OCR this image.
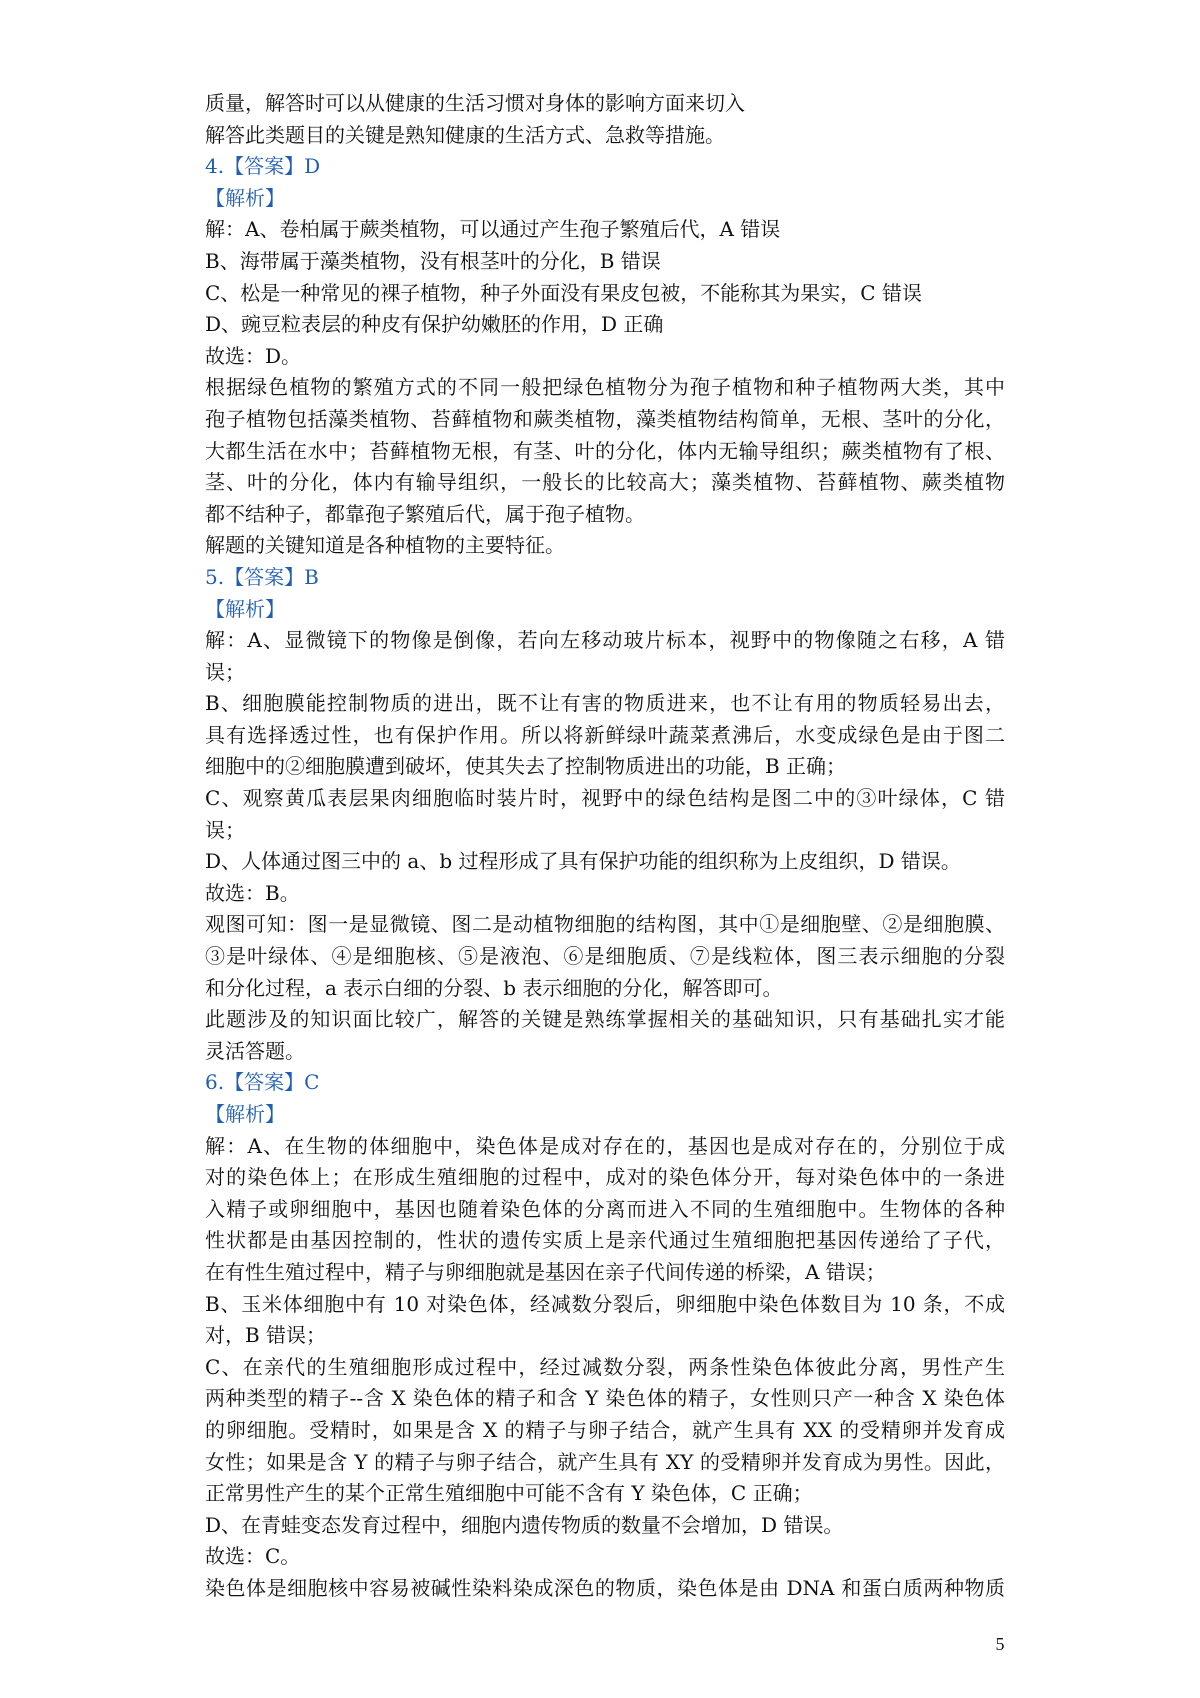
质量，解答时可以从健康的生活习惯对身体的影响方面来切入
解答此类题目的关键是熟知健康的生活方式、急救等措施。
4.【答案】D
【解析】
解：A、卷柏属于蕨类植物，可以通过产生孢子繁殖后代，A 错误
B、海带属于藻类植物，没有根茎叶的分化，B 错误
C、松是一种常见的裸子植物，种子外面没有果皮包被，不能称其为果实，C 错误
D、豌豆粒表层的种皮有保护幼嫩胚的作用，D 正确
故选：D。
根据绿色植物的繁殖方式的不同一般把绿色植物分为孢子植物和种子植物两大类，其中
孢子植物包括藻类植物、苔藓植物和蕨类植物，藻类植物结构简单，无根、茎叶的分化，
大都生活在水中；苔藓植物无根，有茎、叶的分化，体内无输导组织；蕨类植物有了根、
茎、叶的分化，体内有输导组织，一般长的比较高大；藻类植物、苔藓植物、蕨类植物
都不结种子，都靠孢子繁殖后代，属于孢子植物。
解题的关键知道是各种植物的主要特征。
5.【答案】B
【解析】
解：A、显微镜下的物像是倒像，若向左移动玻片标本，视野中的物像随之右移，A 错
误；
B、细胞膜能控制物质的进出，既不让有害的物质进来，也不让有用的物质轻易出去，
具有选择透过性，也有保护作用。所以将新鲜绿叶蔬菜煮沸后，水变成绿色是由于图二
细胞中的②细胞膜遭到破坏，使其失去了控制物质进出的功能，B 正确；
C、观察黄瓜表层果肉细胞临时装片时，视野中的绿色结构是图二中的③叶绿体，C 错
误；
D、人体通过图三中的 a、b 过程形成了具有保护功能的组织称为上皮组织，D 错误。
故选：B。
观图可知：图一是显微镜、图二是动植物细胞的结构图，其中①是细胞壁、②是细胞膜、
③是叶绿体、④是细胞核、⑤是液泡、⑥是细胞质、⑦是线粒体，图三表示细胞的分裂
和分化过程，a 表示白细的分裂、b 表示细胞的分化，解答即可。
此题涉及的知识面比较广，解答的关键是熟练掌握相关的基础知识，只有基础扎实才能
灵活答题。
6.【答案】C
【解析】
解：A、在生物的体细胞中，染色体是成对存在的，基因也是成对存在的，分别位于成
对的染色体上；在形成生殖细胞的过程中，成对的染色体分开，每对染色体中的一条进
入精子或卵细胞中，基因也随着染色体的分离而进入不同的生殖细胞中。生物体的各种
性状都是由基因控制的，性状的遗传实质上是亲代通过生殖细胞把基因传递给了子代，
在有性生殖过程中，精子与卵细胞就是基因在亲子代间传递的桥梁，A 错误；
B、玉米体细胞中有 10 对染色体，经减数分裂后，卵细胞中染色体数目为 10 条，不成
对，B 错误；
C、在亲代的生殖细胞形成过程中，经过减数分裂，两条性染色体彼此分离，男性产生
两种类型的精子--含 X 染色体的精子和含 Y 染色体的精子，女性则只产一种含 X 染色体
的卵细胞。受精时，如果是含 X 的精子与卵子结合，就产生具有 XX 的受精卵并发育成
女性；如果是含 Y 的精子与卵子结合，就产生具有 XY 的受精卵并发育成为男性。因此，
正常男性产生的某个正常生殖细胞中可能不含有 Y 染色体，C 正确；
D、在青蛙变态发育过程中，细胞内遗传物质的数量不会增加，D 错误。
故选：C。
染色体是细胞核中容易被碱性染料染成深色的物质，染色体是由 DNA 和蛋白质两种物质
5
